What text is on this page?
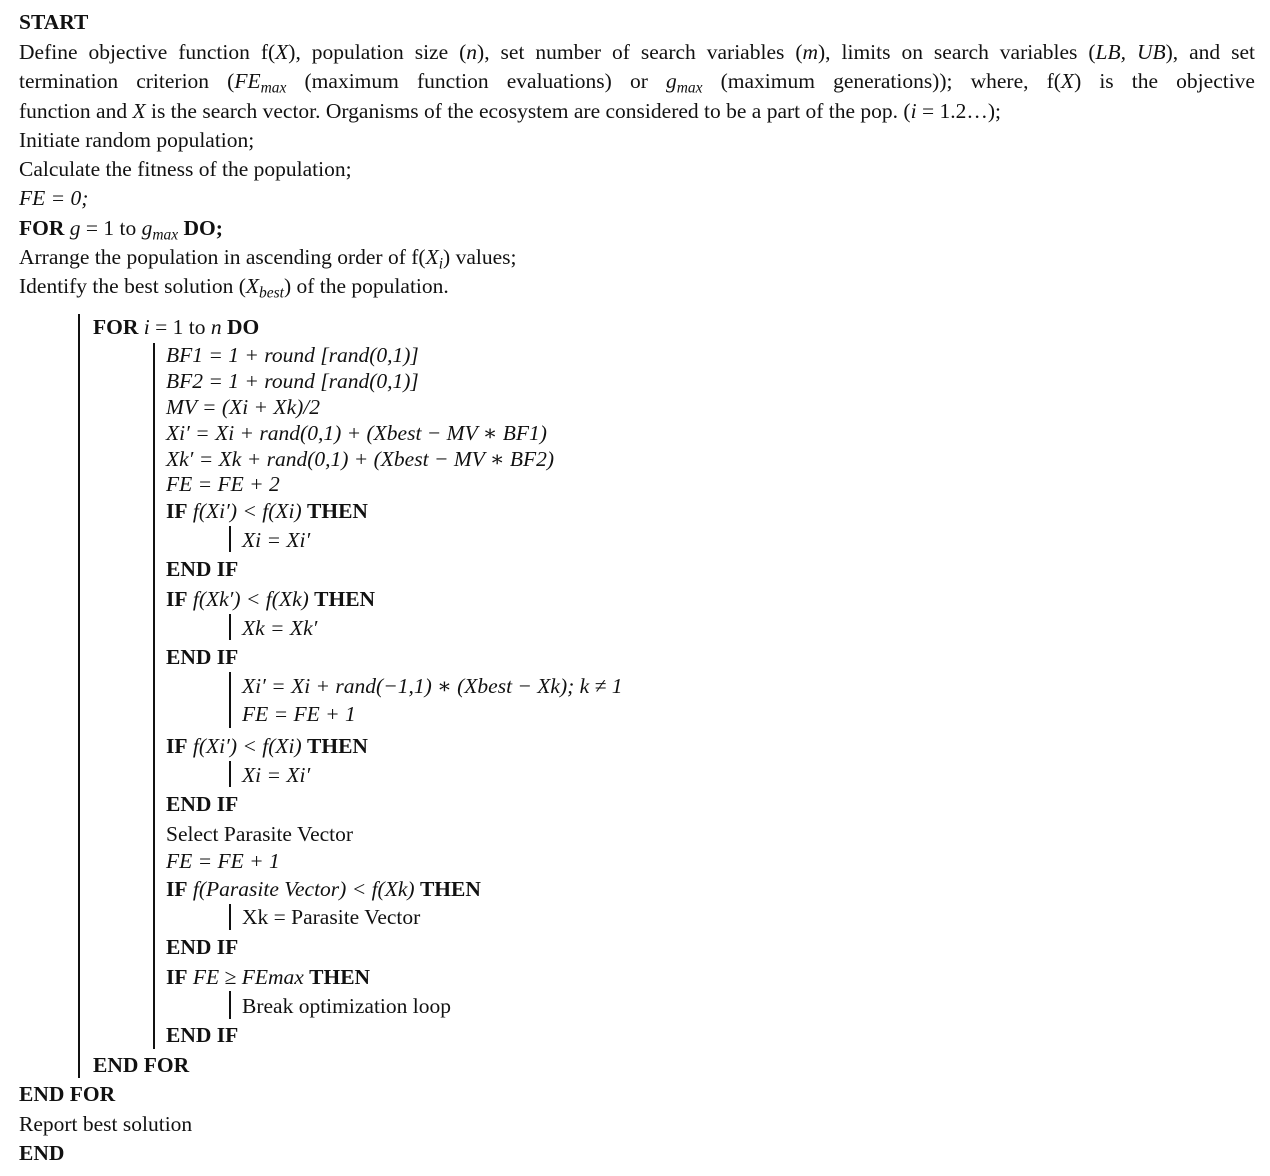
START
Define objective function f(X), population size (n), set number of search variables (m), limits on search variables (LB, UB), and set
termination criterion ($FE_{max}$ (maximum function evaluations) or $g_{max}$ (maximum generations)); where, f(X) is the objective
function and X is the search vector. Organisms of the ecosystem are considered to be a part of the pop. (i = 1.2…);
Initiate random population;
Calculate the fitness of the population;
FE = 0;
FOR g = 1 to $g_{max}$ DO;
Arrange the population in ascending order of $f(X_i)$ values;
Identify the best solution $(X_{best})$ of the population.
FOR i = 1 to n DO
BF1 = 1 + round [rand(0,1)]
BF2 = 1 + round [rand(0,1)]
MV = (Xi + Xk)/2
Xi′ = Xi + rand(0,1) + (Xbest − MV ∗ BF1)
Xk′ = Xk + rand(0,1) + (Xbest − MV ∗ BF2)
FE = FE + 2
IF f(Xi′) < f(Xi) THEN
Xi = Xi′
END IF
IF f(Xk′) < f(Xk) THEN
Xk = Xk′
END IF
Xi′ = Xi + rand(−1,1) ∗ (Xbest − Xk); k ≠ 1
FE = FE + 1
IF f(Xi′) < f(Xi) THEN
Xi = Xi′
END IF
Select Parasite Vector
FE = FE + 1
IF f(Parasite Vector) < f(Xk) THEN
Xk = Parasite Vector
END IF
IF FE ≥ FEmax THEN
Break optimization loop
END IF
END FOR
END FOR
Report best solution
END
